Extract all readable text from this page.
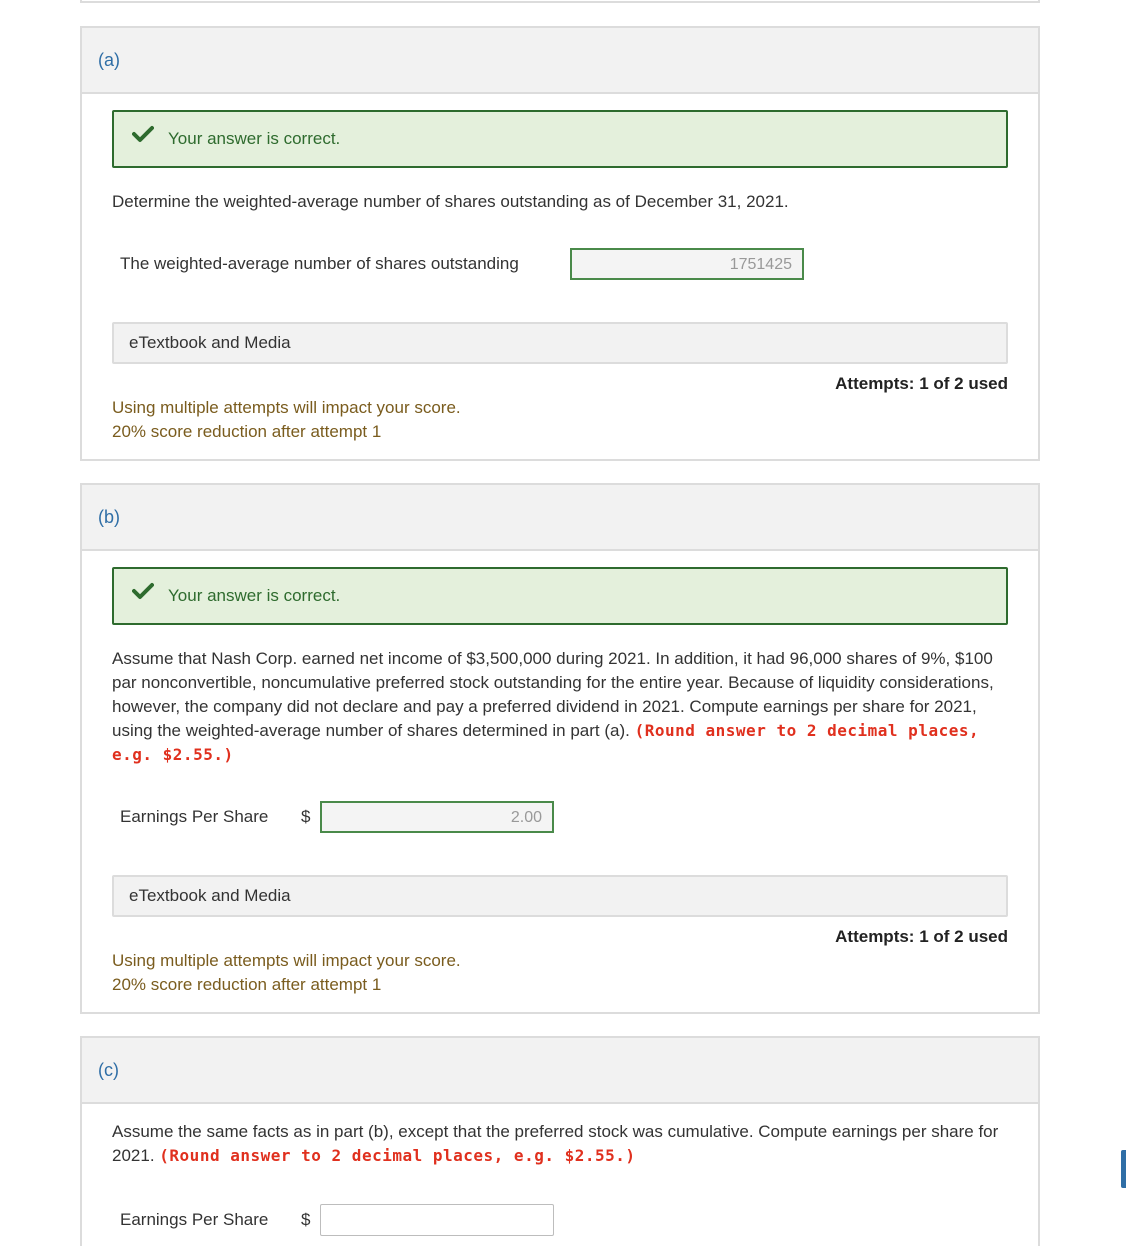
(a)
Your answer is correct.

Determine the weighted-average number of shares outstanding as of December 31, 2021.

The weighted-average number of shares outstanding	1751425
eTextbook and Media
Attempts: 1 of 2 used
Using multiple attempts will impact your score.
20% score reduction after attempt 1
(b)
Your answer is correct.

Assume that Nash Corp. earned net income of $3,500,000 during 2021. In addition, it had 96,000 shares of 9%, $100 par nonconvertible, noncumulative preferred stock outstanding for the entire year. Because of liquidity considerations, however, the company did not declare and pay a preferred dividend in 2021. Compute earnings per share for 2021, using the weighted-average number of shares determined in part (a). (Round answer to 2 decimal places, e.g. $2.55.)

Earnings Per Share $	2.00
eTextbook and Media
Attempts: 1 of 2 used
Using multiple attempts will impact your score.
20% score reduction after attempt 1
(c)

Assume the same facts as in part (b), except that the preferred stock was cumulative. Compute earnings per share for 2021. (Round answer to 2 decimal places, e.g. $2.55.)

Earnings Per Share $
